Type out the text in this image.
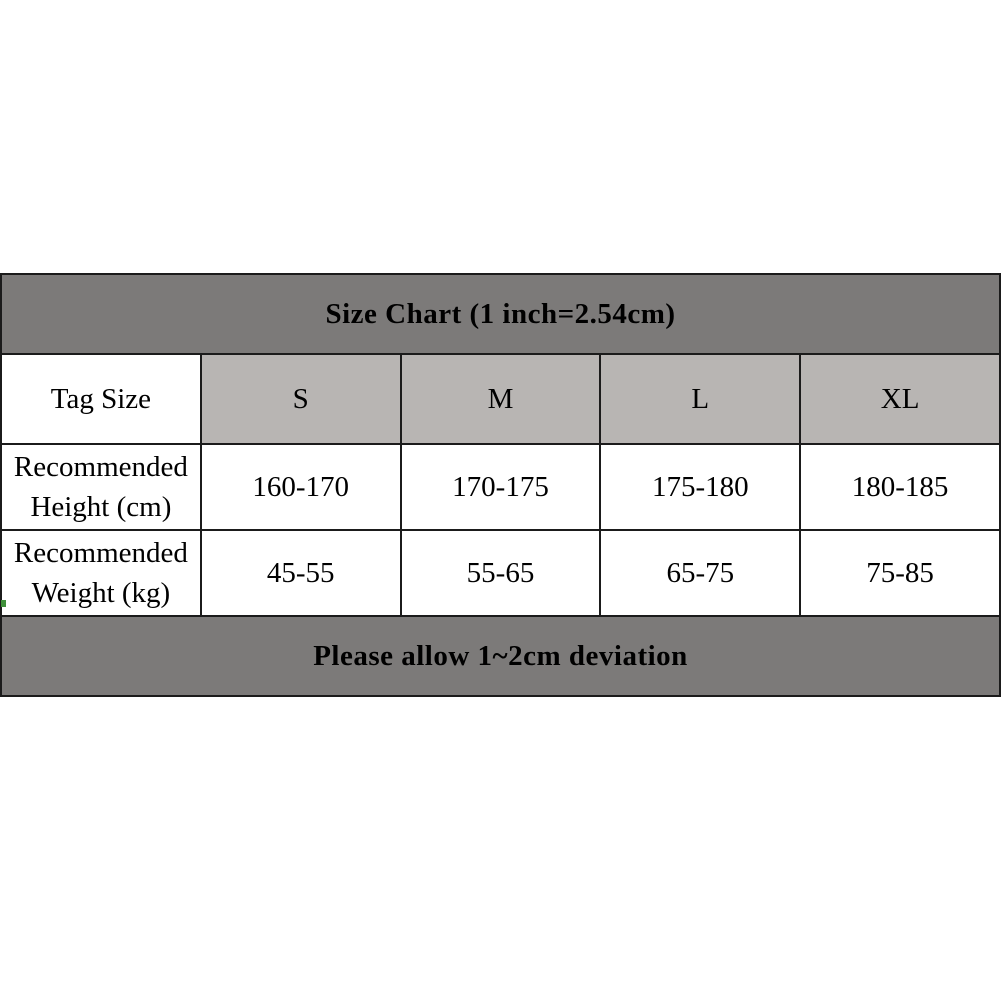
Size Chart (1 inch=2.54cm)				
Tag Size	S	M	L	XL

Recommended
Height (cm)	160-170	170-175	175-180	180-185

Recommended
Weight (kg)	45-55	55-65	65-75	75-85
Please allow 1~2cm deviation				
